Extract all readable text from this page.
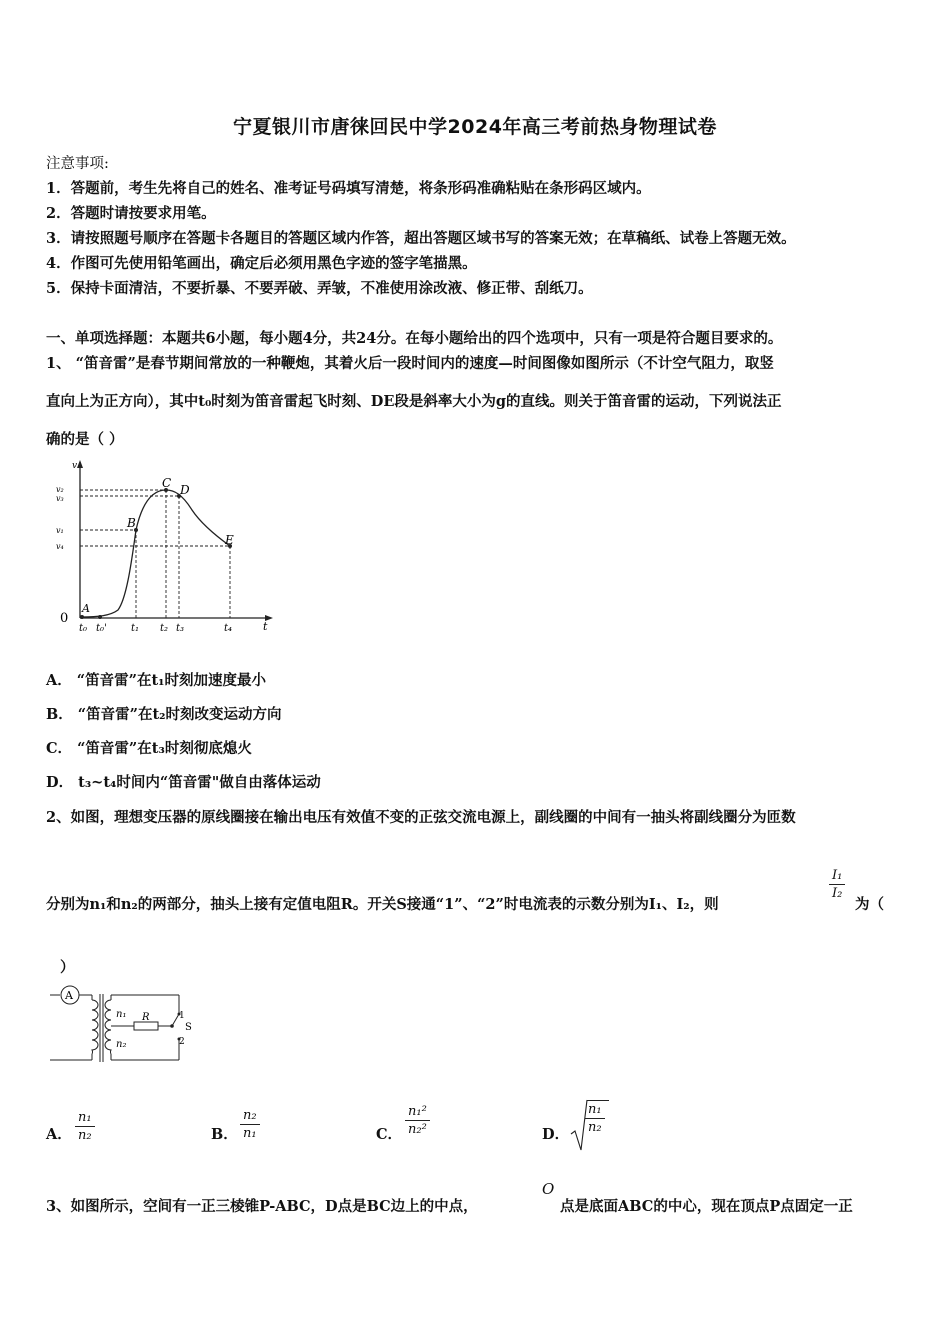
宁夏银川市唐徕回民中学2024年高三考前热身物理试卷
注意事项:
1．答题前，考生先将自己的姓名、准考证号码填写清楚，将条形码准确粘贴在条形码区域内。
2．答题时请按要求用笔。
3．请按照题号顺序在答题卡各题目的答题区域内作答，超出答题区域书写的答案无效；在草稿纸、试卷上答题无效。
4．作图可先使用铅笔画出，确定后必须用黑色字迹的签字笔描黑。
5．保持卡面清洁，不要折暴、不要弄破、弄皱，不准使用涂改液、修正带、刮纸刀。
一、单项选择题：本题共6小题，每小题4分，共24分。在每小题给出的四个选项中，只有一项是符合题目要求的。
1、 “笛音雷”是春节期间常放的一种鞭炮，其着火后一段时间内的速度—时间图像如图所示（不计空气阻力，取竖
直向上为正方向），其中t₀时刻为笛音雷起飞时刻、DE段是斜率大小为g的直线。则关于笛音雷的运动，下列说法正
确的是（ ）
v
t
0
A
B
C D
E
v₂
v₃
v₁
v₄
t₀ t₀' t₁ t₂ t₃	t₄
A． “笛音雷”在t₁时刻加速度最小
B． “笛音雷”在t₂时刻改变运动方向
C． “笛音雷”在t₃时刻彻底熄火
D． t₃~t₄时间内“笛音雷"做自由落体运动
2、如图，理想变压器的原线圈接在输出电压有效值不变的正弦交流电源上，副线圈的中间有一抽头将副线圈分为匝数
分别为n₁和n₂的两部分，抽头上接有定值电阻R。开关S接通“1”、“2”时电流表的示数分别为I₁、I₂，则
I₁
I₂
为（
）
A
n₁
n₂
R
S
1
2
A．
n₁
n₂	B．
n₂
n₁	C．
n₁²
n₂²	D．
n₁
n₂
3、如图所示，空间有一正三棱锥P-ABC，D点是BC边上的中点，
O
点是底面ABC的中心，现在顶点P点固定一正
